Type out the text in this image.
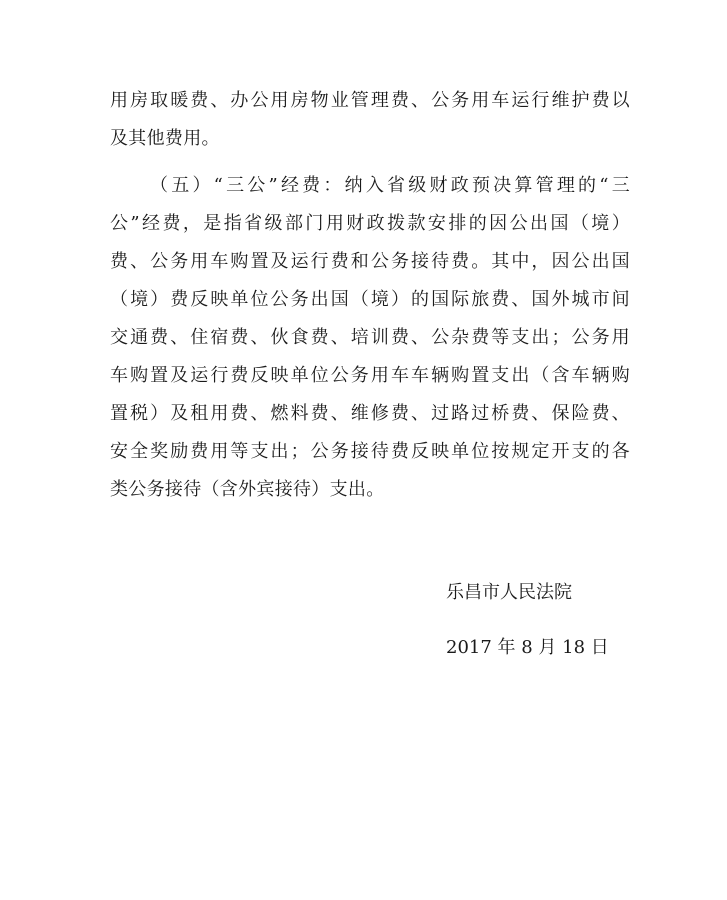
用房取暖费、办公用房物业管理费、公务用车运行维护费以
及其他费用。
（五）“三公”经费：纳入省级财政预决算管理的“三
公”经费，是指省级部门用财政拨款安排的因公出国（境）
费、公务用车购置及运行费和公务接待费。其中，因公出国
（境）费反映单位公务出国（境）的国际旅费、国外城市间
交通费、住宿费、伙食费、培训费、公杂费等支出；公务用
车购置及运行费反映单位公务用车车辆购置支出（含车辆购
置税）及租用费、燃料费、维修费、过路过桥费、保险费、
安全奖励费用等支出；公务接待费反映单位按规定开支的各
类公务接待（含外宾接待）支出。
乐昌市人民法院
2017 年 8 月 18 日
